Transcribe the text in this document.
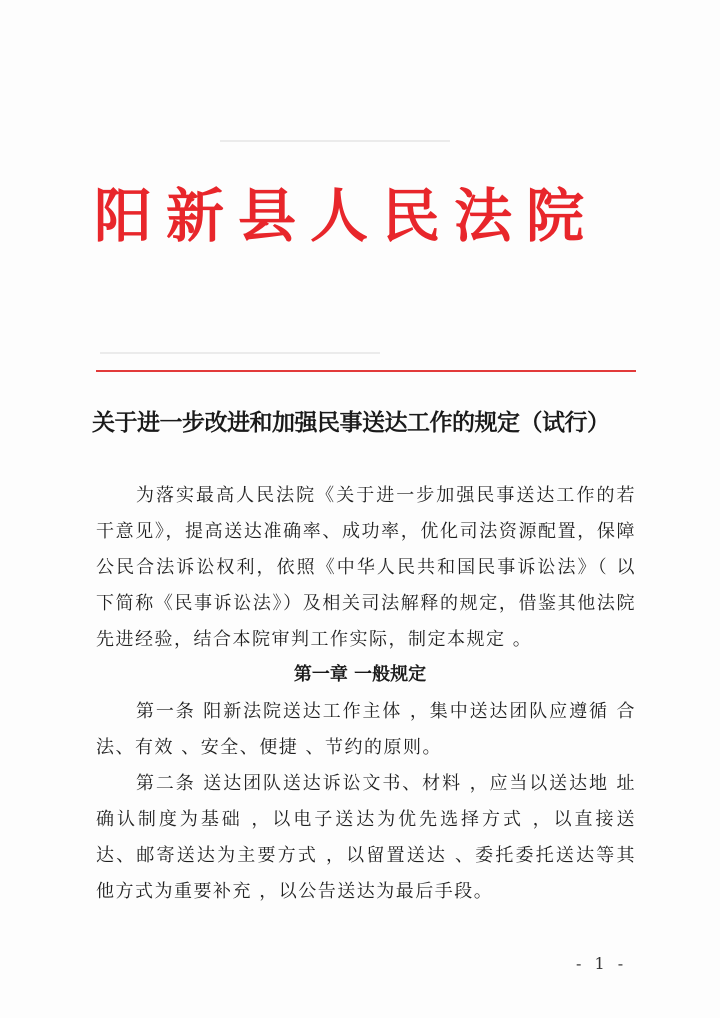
阳新县人民法院
关于进一步改进和加强民事送达工作的规定（试行）

为落实最高人民法院《关于进一步加强民事送达工作的若干意见》，提高送达准确率、成功率，优化司法资源配置，保障公民合法诉讼权利，依照《中华人民共和国民事诉讼法》（ 以下简称《民事诉讼法》）及相关司法解释的规定，借鉴其他法院先进经验，结合本院审判工作实际，制定本规定 。

第一章 一般规定

第一条 阳新法院送达工作主体 ，集中送达团队应遵循 合法、有效 、安全、便捷 、节约的原则。

第二条 送达团队送达诉讼文书、材料 ，应当以送达地 址确认制度为基础 ，以电子送达为优先选择方式 ，以直接送达、邮寄送达为主要方式 ，以留置送达 、委托委托送达等其他方式为重要补充 ，以公告送达为最后手段。

- 1 -
